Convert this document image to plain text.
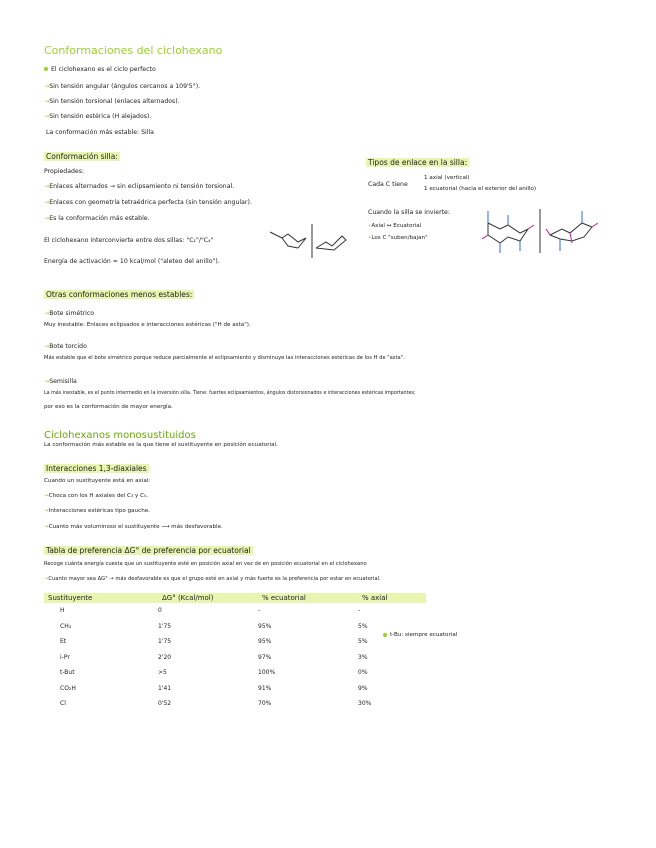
Conformaciones del ciclohexano
El ciclohexano es el ciclo perfecto
→Sin tensión angular (ángulos cercanos a 109'5°).
→Sin tensión torsional (enlaces alternados).
→Sin tensión estérica (H alejados).
La conformación más estable: Silla
Conformación silla:
Propiedades:
→Enlaces alternados → sin eclipsamiento ni tensión torsional.
→Enlaces con geometría tetraédrica perfecta (sin tensión angular).
→Es la conformación más estable.
El ciclohexano interconvierte entre dos sillas: "C₁"/"C₄"
Energía de activación ≈ 10 kcal/mol ("aleteo del anillo").
Tipos de enlace en la silla:
Cada C tiene
1 axial (vertical)
1 ecuatorial (hacia el exterior del anillo)
Cuando la silla se invierte:
•Axial ↔ Ecuatorial
•Los C "suben/bajan"
Otras conformaciones menos estables:
→Bote simétrico
Muy inestable: Enlaces eclipsados e interacciones estéricas ("H de asta").
→Bote torcido
Más estable que el bote simétrico porque reduce parcialmente el eclipsamiento y disminuye las interacciones estéricas de los H de "asta".
→Semisilla
La más inestable, es el punto intermedio en la inversión silla. Tiene: fuertes eclipsamientos, ángulos distorsionados e interacciones estéricas importantes;
por eso es la conformación de mayor energía.
Ciclohexanos monosustituidos
La conformación más estable es la que tiene el sustituyente en posición ecuatorial.
Interacciones 1,3-diaxiales
Cuando un sustituyente está en axial:
→Choca con los H axiales del C₃ y C₅.
→Interacciones estéricas tipo gauche.
→Cuanto más voluminoso el sustituyente ⟶ más desfavorable.
Tabla de preferencia ΔG° de preferencia por ecuatorial
Recoge cuánta energía cuesta que un sustituyente esté en posición axial en vez de en posición ecuatorial en el ciclohexano
→Cuanto mayor sea ΔG° → más desfavorable es que el grupo esté en axial y más fuerte es la preferencia por estar en ecuatorial.
Sustituyente	ΔG° (Kcal/mol)	% ecuatorial	% axial
H	0	-	-
CH₃	1'75	95%	5%
Et	1'75	95%	5%
i-Pr	2'20	97%	3%
t-But	>5	100%	0%
CO₂H	1'41	91%	9%
Cl	0'52	70%	30%
t-Bu: siempre ecuatorial
